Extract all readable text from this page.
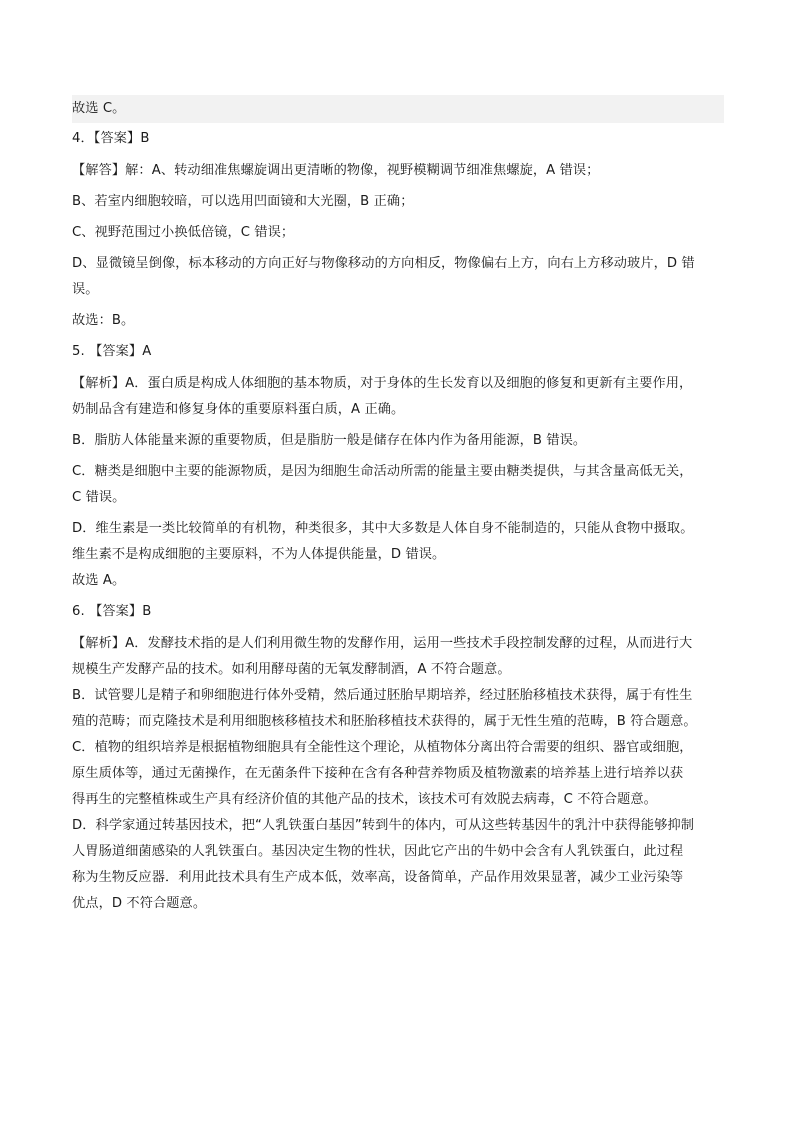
故选 C。
4．【答案】B
【解答】解：A、转动细准焦螺旋调出更清晰的物像，视野模糊调节细准焦螺旋，A 错误；
B、若室内细胞较暗，可以选用凹面镜和大光圈，B 正确；
C、视野范围过小换低倍镜，C 错误；
D、显微镜呈倒像，标本移动的方向正好与物像移动的方向相反，物像偏右上方，向右上方移动玻片，D 错
误。
故选：B。
5. 【答案】A
【解析】A．蛋白质是构成人体细胞的基本物质，对于身体的生长发育以及细胞的修复和更新有主要作用，
奶制品含有建造和修复身体的重要原料蛋白质，A 正确。
B．脂肪人体能量来源的重要物质，但是脂肪一般是储存在体内作为备用能源，B 错误。
C．糖类是细胞中主要的能源物质，是因为细胞生命活动所需的能量主要由糖类提供，与其含量高低无关，
C 错误。
D．维生素是一类比较简单的有机物，种类很多，其中大多数是人体自身不能制造的，只能从食物中摄取。
维生素不是构成细胞的主要原料，不为人体提供能量，D 错误。
故选 A。
6. 【答案】B
【解析】A．发酵技术指的是人们利用微生物的发酵作用，运用一些技术手段控制发酵的过程，从而进行大
规模生产发酵产品的技术。如利用酵母菌的无氧发酵制酒，A 不符合题意。
B．试管婴儿是精子和卵细胞进行体外受精，然后通过胚胎早期培养，经过胚胎移植技术获得，属于有性生
殖的范畴；而克隆技术是利用细胞核移植技术和胚胎移植技术获得的，属于无性生殖的范畴，B 符合题意。
C．植物的组织培养是根据植物细胞具有全能性这个理论，从植物体分离出符合需要的组织、器官或细胞，
原生质体等，通过无菌操作，在无菌条件下接种在含有各种营养物质及植物激素的培养基上进行培养以获
得再生的完整植株或生产具有经济价值的其他产品的技术，该技术可有效脱去病毒，C 不符合题意。
D．科学家通过转基因技术，把“人乳铁蛋白基因”转到牛的体内，可从这些转基因牛的乳汁中获得能够抑制
人胃肠道细菌感染的人乳铁蛋白。基因决定生物的性状，因此它产出的牛奶中会含有人乳铁蛋白，此过程
称为生物反应器．利用此技术具有生产成本低，效率高，设备简单，产品作用效果显著，减少工业污染等
优点，D 不符合题意。
